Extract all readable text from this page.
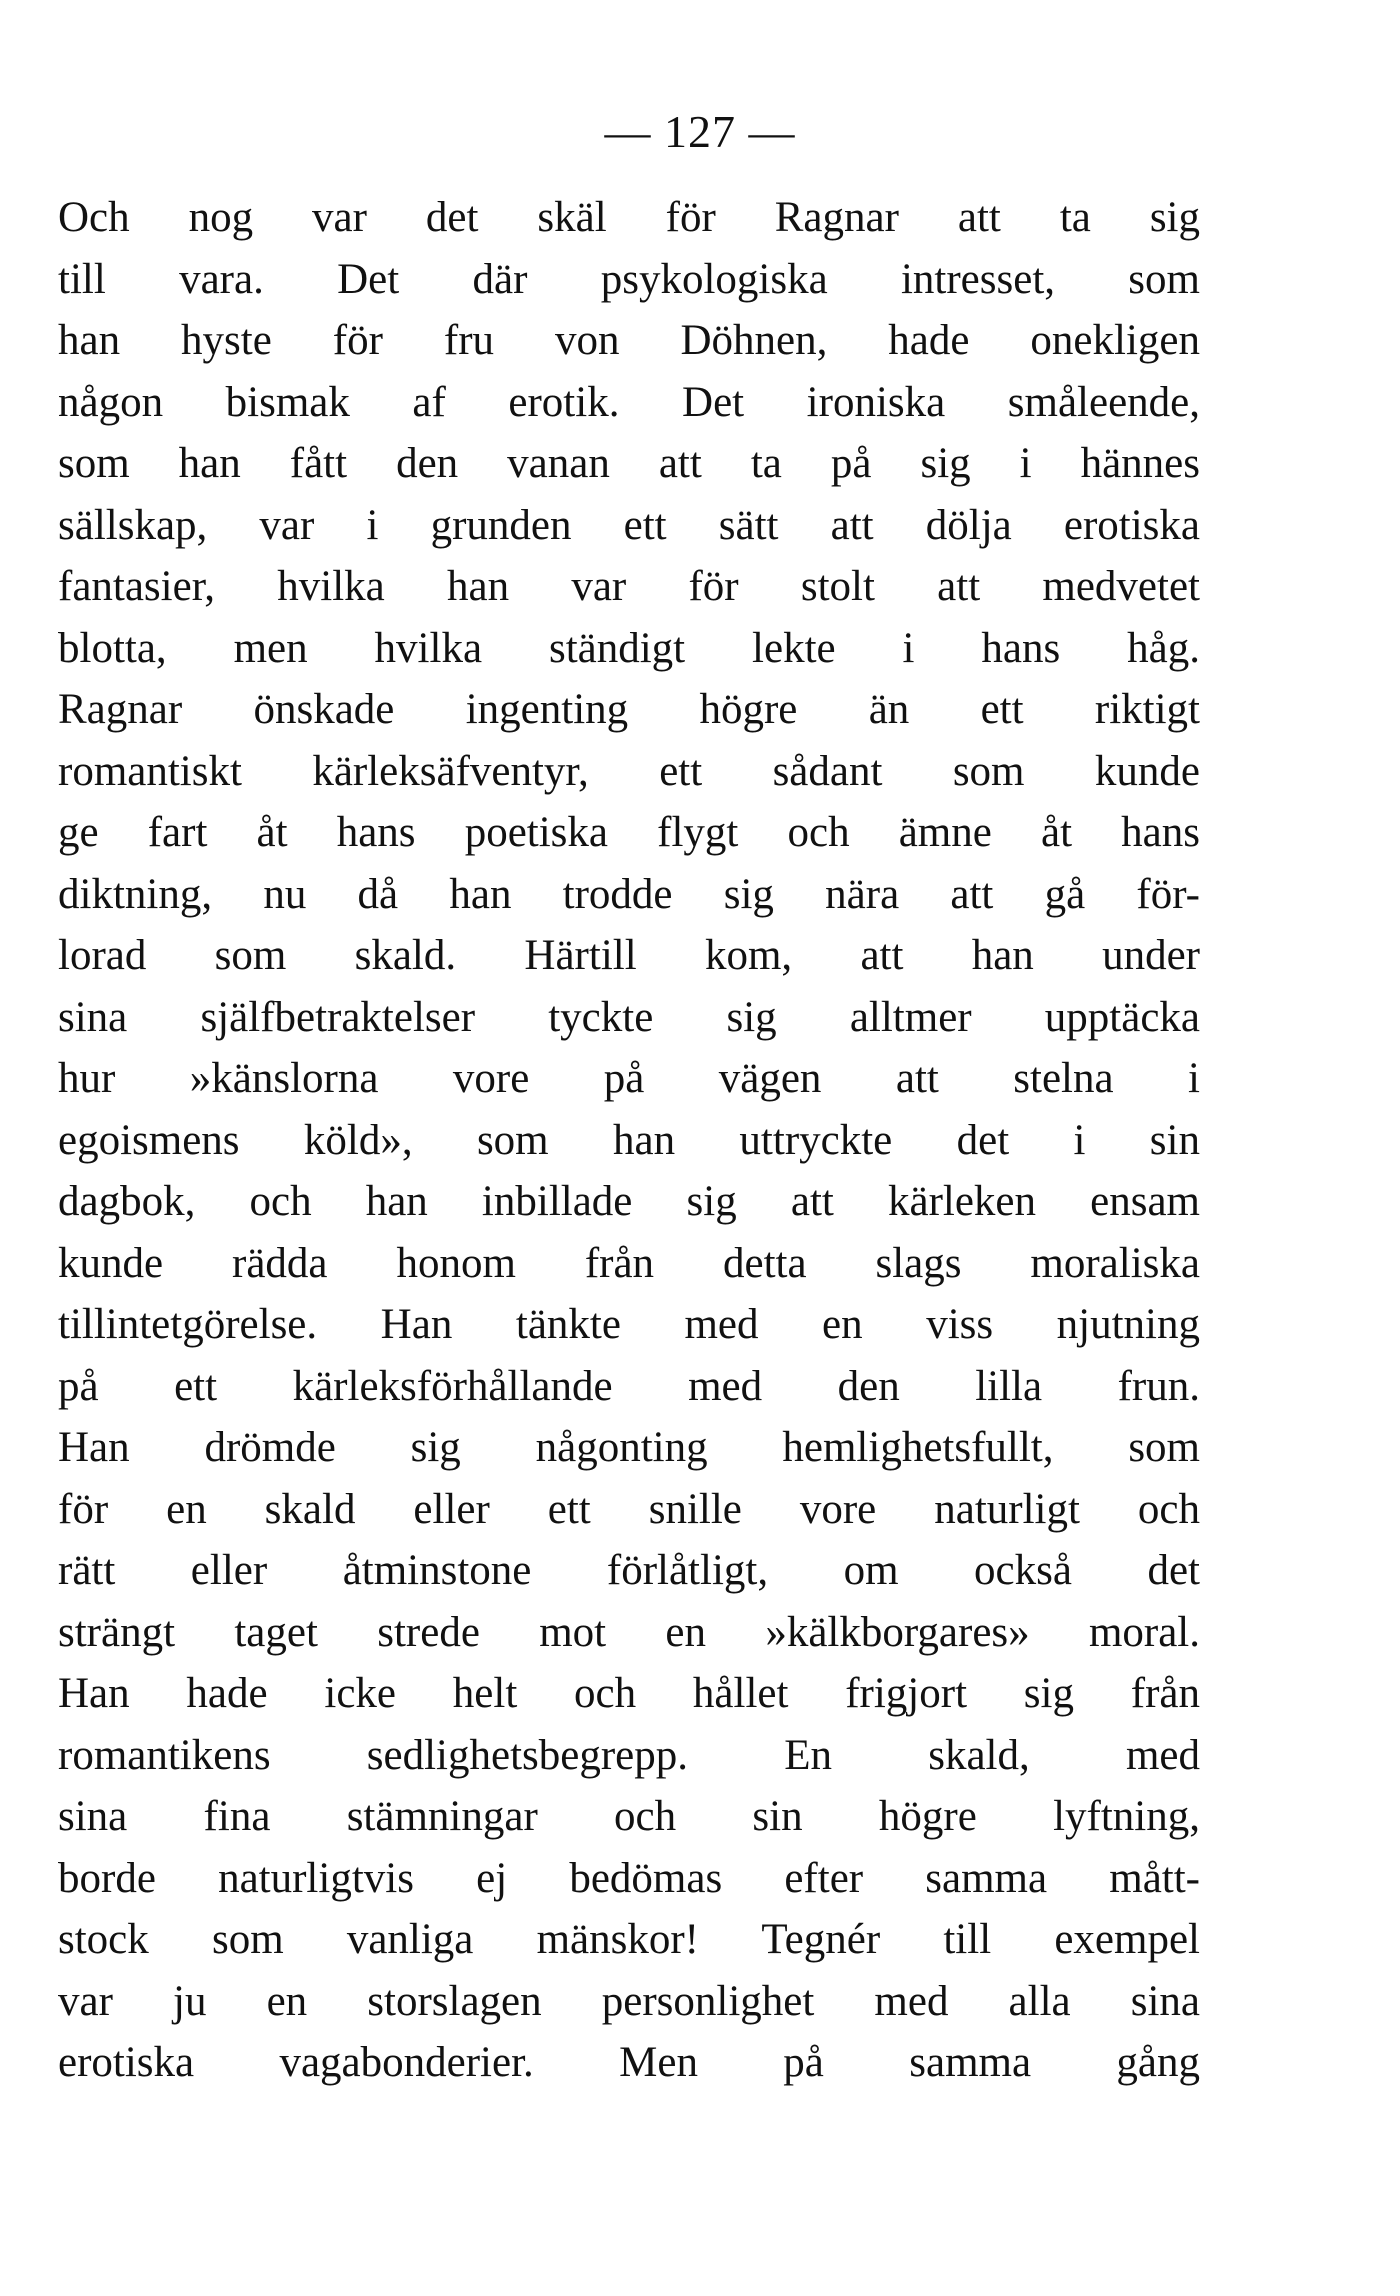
— 127 —
Och nog var det skäl för Ragnar att ta sig
till vara. Det där psykologiska intresset, som
han hyste för fru von Döhnen, hade onekligen
någon bismak af erotik. Det ironiska småleende,
som han fått den vanan att ta på sig i hännes
sällskap, var i grunden ett sätt att dölja erotiska
fantasier, hvilka han var för stolt att medvetet
blotta, men hvilka ständigt lekte i hans håg.
Ragnar önskade ingenting högre än ett riktigt
romantiskt kärleksäfventyr, ett sådant som kunde
ge fart åt hans poetiska flygt och ämne åt hans
diktning, nu då han trodde sig nära att gå för-
lorad som skald. Härtill kom, att han under
sina själfbetraktelser tyckte sig alltmer upptäcka
hur »känslorna vore på vägen att stelna i
egoismens köld», som han uttryckte det i sin
dagbok, och han inbillade sig att kärleken ensam
kunde rädda honom från detta slags moraliska
tillintetgörelse. Han tänkte med en viss njutning
på ett kärleksförhållande med den lilla frun.
Han drömde sig någonting hemlighetsfullt, som
för en skald eller ett snille vore naturligt och
rätt eller åtminstone förlåtligt, om också det
strängt taget strede mot en »kälkborgares» moral.
Han hade icke helt och hållet frigjort sig från
romantikens sedlighetsbegrepp. En skald, med
sina fina stämningar och sin högre lyftning,
borde naturligtvis ej bedömas efter samma mått-
stock som vanliga mänskor! Tegnér till exempel
var ju en storslagen personlighet med alla sina
erotiska vagabonderier. Men på samma gång
